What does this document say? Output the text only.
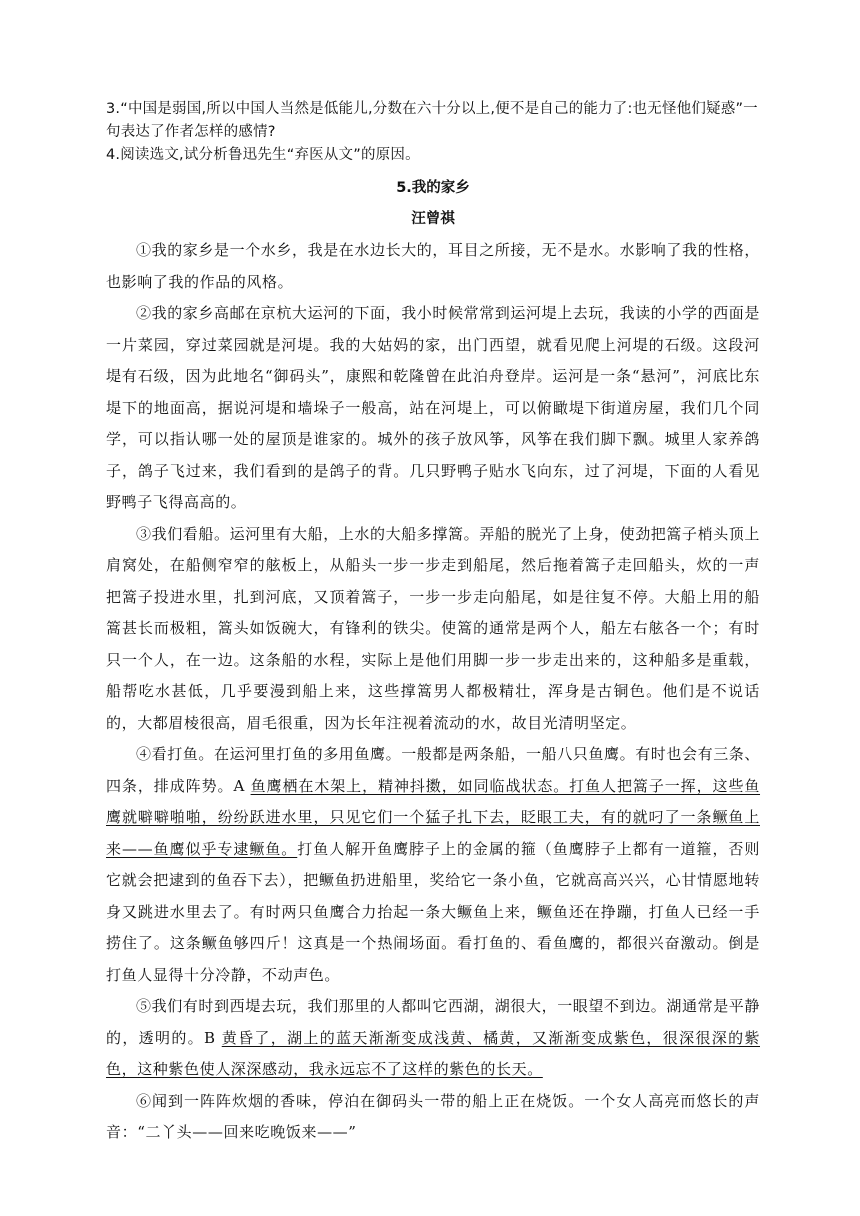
3.“中国是弱国,所以中国人当然是低能儿,分数在六十分以上,便不是自己的能力了:也无怪他们疑惑”一句表达了作者怎样的感情?

4.阅读选文,试分析鲁迅先生“弃医从文”的原因。

5.我的家乡

汪曾祺

①我的家乡是一个水乡，我是在水边长大的，耳目之所接，无不是水。水影响了我的性格，也影响了我的作品的风格。

②我的家乡高邮在京杭大运河的下面，我小时候常常到运河堤上去玩，我读的小学的西面是一片菜园，穿过菜园就是河堤。我的大姑妈的家，出门西望，就看见爬上河堤的石级。这段河堤有石级，因为此地名“御码头”，康熙和乾隆曾在此泊舟登岸。运河是一条“悬河”，河底比东堤下的地面高，据说河堤和墙垛子一般高，站在河堤上，可以俯瞰堤下街道房屋，我们几个同学，可以指认哪一处的屋顶是谁家的。城外的孩子放风筝，风筝在我们脚下飘。城里人家养鸽子，鸽子飞过来，我们看到的是鸽子的背。几只野鸭子贴水飞向东，过了河堤，下面的人看见野鸭子飞得高高的。

③我们看船。运河里有大船，上水的大船多撑篙。弄船的脱光了上身，使劲把篙子梢头顶上肩窝处，在船侧窄窄的舷板上，从船头一步一步走到船尾，然后拖着篙子走回船头，炊的一声把篙子投进水里，扎到河底，又顶着篙子，一步一步走向船尾，如是往复不停。大船上用的船篙甚长而极粗，篙头如饭碗大，有锋利的铁尖。使篙的通常是两个人，船左右舷各一个；有时只一个人，在一边。这条船的水程，实际上是他们用脚一步一步走出来的，这种船多是重载，船帮吃水甚低，几乎要漫到船上来，这些撑篙男人都极精壮，浑身是古铜色。他们是不说话的，大都眉棱很高，眉毛很重，因为长年注视着流动的水，故目光清明坚定。

④看打鱼。在运河里打鱼的多用鱼鹰。一般都是两条船，一船八只鱼鹰。有时也会有三条、四条，排成阵势。A 鱼鹰栖在木架上，精神抖擞，如同临战状态。打鱼人把篙子一挥，这些鱼鹰就噼噼啪啪，纷纷跃进水里，只见它们一个猛子扎下去，眨眼工夫，有的就叼了一条鳜鱼上来——鱼鹰似乎专逮鳜鱼。打鱼人解开鱼鹰脖子上的金属的箍（鱼鹰脖子上都有一道箍，否则它就会把逮到的鱼吞下去），把鳜鱼扔进船里，奖给它一条小鱼，它就高高兴兴，心甘情愿地转身又跳进水里去了。有时两只鱼鹰合力抬起一条大鳜鱼上来，鳜鱼还在挣蹦，打鱼人已经一手捞住了。这条鳜鱼够四斤！这真是一个热闹场面。看打鱼的、看鱼鹰的，都很兴奋激动。倒是打鱼人显得十分冷静，不动声色。

⑤我们有时到西堤去玩，我们那里的人都叫它西湖，湖很大，一眼望不到边。湖通常是平静的，透明的。B 黄昏了，湖上的蓝天渐渐变成浅黄、橘黄，又渐渐变成紫色，很深很深的紫色，这种紫色使人深深感动，我永远忘不了这样的紫色的长天。

⑥闻到一阵阵炊烟的香味，停泊在御码头一带的船上正在烧饭。一个女人高亮而悠长的声音：“二丫头——回来吃晚饭来——”
